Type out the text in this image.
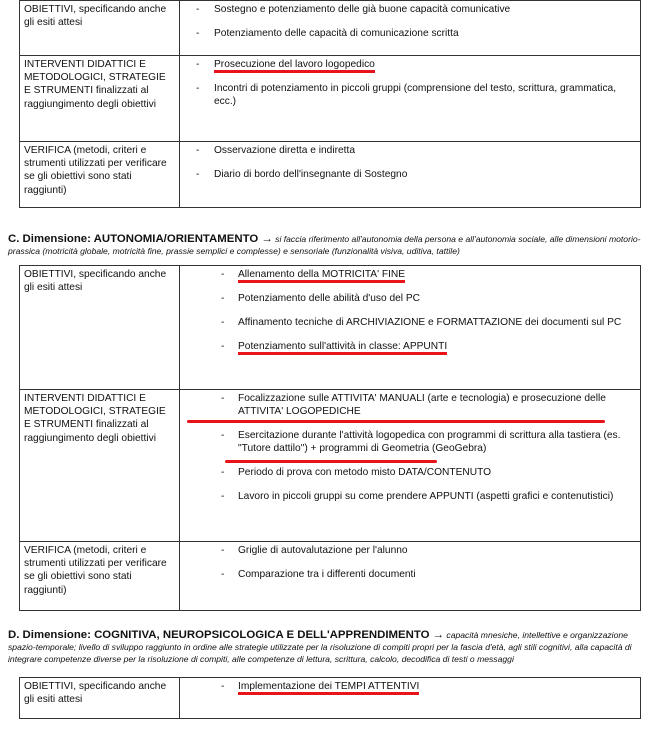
OBIETTIVI, specificando anche gli esiti attesi
- Sostegno e potenziamento delle già buone capacità comunicative
- Potenziamento delle capacità di comunicazione scritta
INTERVENTI DIDATTICI E METODOLOGICI, STRATEGIE E STRUMENTI finalizzati al raggiungimento degli obiettivi
- Prosecuzione del lavoro logopedico
- Incontri di potenziamento in piccoli gruppi (comprensione del testo, scrittura, grammatica, ecc.)
VERIFICA (metodi, criteri e strumenti utilizzati per verificare se gli obiettivi sono stati raggiunti)
- Osservazione diretta e indiretta
- Diario di bordo dell'insegnante di Sostegno
C. Dimensione: AUTONOMIA/ORIENTAMENTO → si faccia riferimento all'autonomia della persona e all'autonomia sociale, alle dimensioni motorio-prassica (motricità globale, motricità fine, prassie semplici e complesse) e sensoriale (funzionalità visiva, uditiva, tattile)
OBIETTIVI, specificando anche gli esiti attesi
- Allenamento della MOTRICITA' FINE
- Potenziamento delle abilità d'uso del PC
- Affinamento tecniche di ARCHIVIAZIONE e FORMATTAZIONE dei documenti sul PC
- Potenziamento sull'attività in classe: APPUNTI
INTERVENTI DIDATTICI E METODOLOGICI, STRATEGIE E STRUMENTI finalizzati al raggiungimento degli obiettivi
- Focalizzazione sulle ATTIVITA' MANUALI (arte e tecnologia) e prosecuzione delle ATTIVITA' LOGOPEDICHE
- Esercitazione durante l'attività logopedica con programmi di scrittura alla tastiera (es. "Tutore dattilo") + programmi di Geometria (GeoGebra)
- Periodo di prova con metodo misto DATA/CONTENUTO
- Lavoro in piccoli gruppi su come prendere APPUNTI (aspetti grafici e contenutistici)
VERIFICA (metodi, criteri e strumenti utilizzati per verificare se gli obiettivi sono stati raggiunti)
- Griglie di autovalutazione per l'alunno
- Comparazione tra i differenti documenti
D. Dimensione: COGNITIVA, NEUROPSICOLOGICA E DELL'APPRENDIMENTO → capacità mnesiche, intellettive e organizzazione spazio-temporale; livello di sviluppo raggiunto in ordine alle strategie utilizzate per la risoluzione di compiti propri per la fascia d'età, agli stili cognitivi, alla capacità di integrare competenze diverse per la risoluzione di compiti, alle competenze di lettura, scrittura, calcolo, decodifica di testi o messaggi
OBIETTIVI, specificando anche gli esiti attesi
- Implementazione dei TEMPI ATTENTIVI
